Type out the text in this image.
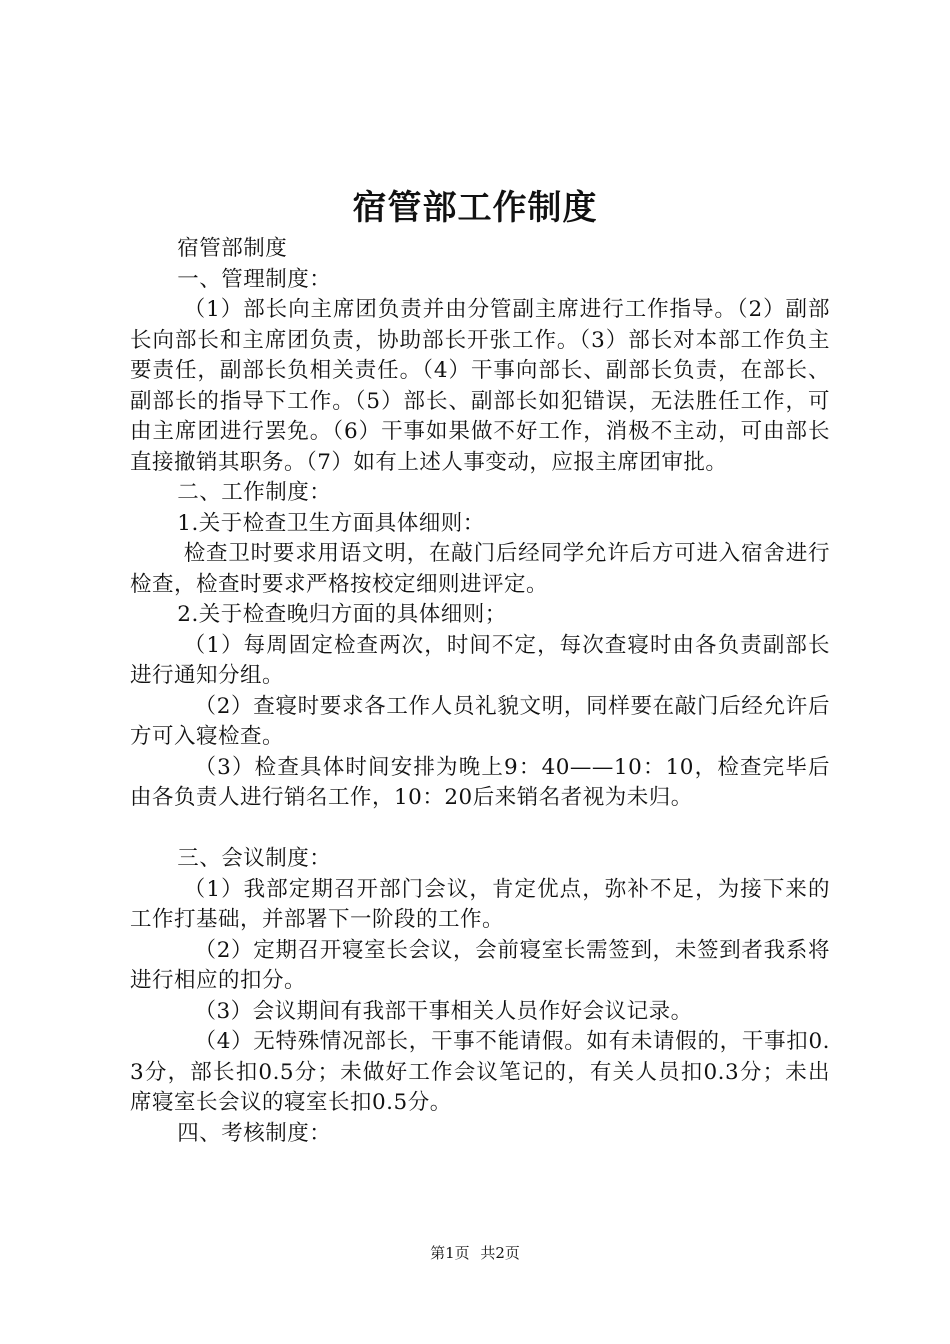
宿管部工作制度

宿管部制度

一、管理制度：

（1）部长向主席团负责并由分管副主席进行工作指导。（2）副部长向部长和主席团负责，协助部长开张工作。（3）部长对本部工作负主要责任，副部长负相关责任。（4）干事向部长、副部长负责，在部长、副部长的指导下工作。（5）部长、副部长如犯错误，无法胜任工作，可由主席团进行罢免。（6）干事如果做不好工作，消极不主动，可由部长直接撤销其职务。（7）如有上述人事变动，应报主席团审批。

二、工作制度：

1.关于检查卫生方面具体细则：

检查卫时要求用语文明，在敲门后经同学允许后方可进入宿舍进行检查，检查时要求严格按校定细则进评定。

2.关于检查晚归方面的具体细则；

（1）每周固定检查两次，时间不定，每次查寝时由各负责副部长进行通知分组。

（2）查寝时要求各工作人员礼貌文明，同样要在敲门后经允许后方可入寝检查。

（3）检查具体时间安排为晚上9：40——10：10，检查完毕后由各负责人进行销名工作，10：20后来销名者视为未归。

三、会议制度：

（1）我部定期召开部门会议，肯定优点，弥补不足，为接下来的工作打基础，并部署下一阶段的工作。

（2）定期召开寝室长会议，会前寝室长需签到，未签到者我系将进行相应的扣分。

（3）会议期间有我部干事相关人员作好会议记录。

（4）无特殊情况部长，干事不能请假。如有未请假的，干事扣0.3分，部长扣0.5分；未做好工作会议笔记的，有关人员扣0.3分；未出席寝室长会议的寝室长扣0.5分。

四、考核制度：

第1页 共2页
